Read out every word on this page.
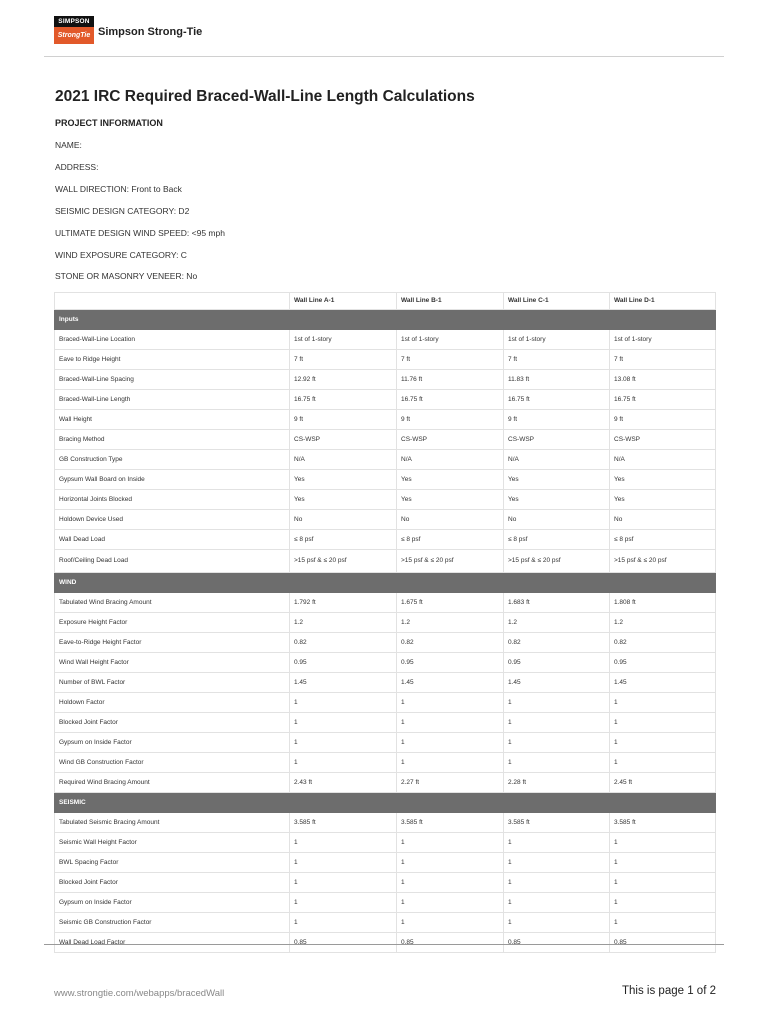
SIMPSON
StrongTie Simpson Strong-Tie
2021 IRC Required Braced-Wall-Line Length Calculations
PROJECT INFORMATION
NAME:
ADDRESS:
WALL DIRECTION: Front to Back
SEISMIC DESIGN CATEGORY: D2
ULTIMATE DESIGN WIND SPEED: <95 mph
WIND EXPOSURE CATEGORY: C
STONE OR MASONRY VENEER: No
	Wall Line A-1	Wall Line B-1	Wall Line C-1	Wall Line D-1
Inputs				
Braced-Wall-Line Location	1st of 1-story	1st of 1-story	1st of 1-story	1st of 1-story
Eave to Ridge Height	7 ft	7 ft	7 ft	7 ft
Braced-Wall-Line Spacing	12.92 ft	11.76 ft	11.83 ft	13.08 ft
Braced-Wall-Line Length	16.75 ft	16.75 ft	16.75 ft	16.75 ft
Wall Height	9 ft	9 ft	9 ft	9 ft
Bracing Method	CS-WSP	CS-WSP	CS-WSP	CS-WSP
GB Construction Type	N/A	N/A	N/A	N/A
Gypsum Wall Board on Inside	Yes	Yes	Yes	Yes
Horizontal Joints Blocked	Yes	Yes	Yes	Yes
Holdown Device Used	No	No	No	No
Wall Dead Load	≤ 8 psf	≤ 8 psf	≤ 8 psf	≤ 8 psf
Roof/Ceiling Dead Load	>15 psf & ≤ 20 psf	>15 psf & ≤ 20 psf	>15 psf & ≤ 20 psf	>15 psf & ≤ 20 psf
WIND				
Tabulated Wind Bracing Amount	1.792 ft	1.675 ft	1.683 ft	1.808 ft
Exposure Height Factor	1.2	1.2	1.2	1.2
Eave-to-Ridge Height Factor	0.82	0.82	0.82	0.82
Wind Wall Height Factor	0.95	0.95	0.95	0.95
Number of BWL Factor	1.45	1.45	1.45	1.45
Holdown Factor	1	1	1	1
Blocked Joint Factor	1	1	1	1
Gypsum on Inside Factor	1	1	1	1
Wind GB Construction Factor	1	1	1	1
Required Wind Bracing Amount	2.43 ft	2.27 ft	2.28 ft	2.45 ft
SEISMIC				
Tabulated Seismic Bracing Amount	3.585 ft	3.585 ft	3.585 ft	3.585 ft
Seismic Wall Height Factor	1	1	1	1
BWL Spacing Factor	1	1	1	1
Blocked Joint Factor	1	1	1	1
Gypsum on Inside Factor	1	1	1	1
Seismic GB Construction Factor	1	1	1	1
Wall Dead Load Factor	0.85	0.85	0.85	0.85
www.strongtie.com/webapps/bracedWall	This is page 1 of 2
